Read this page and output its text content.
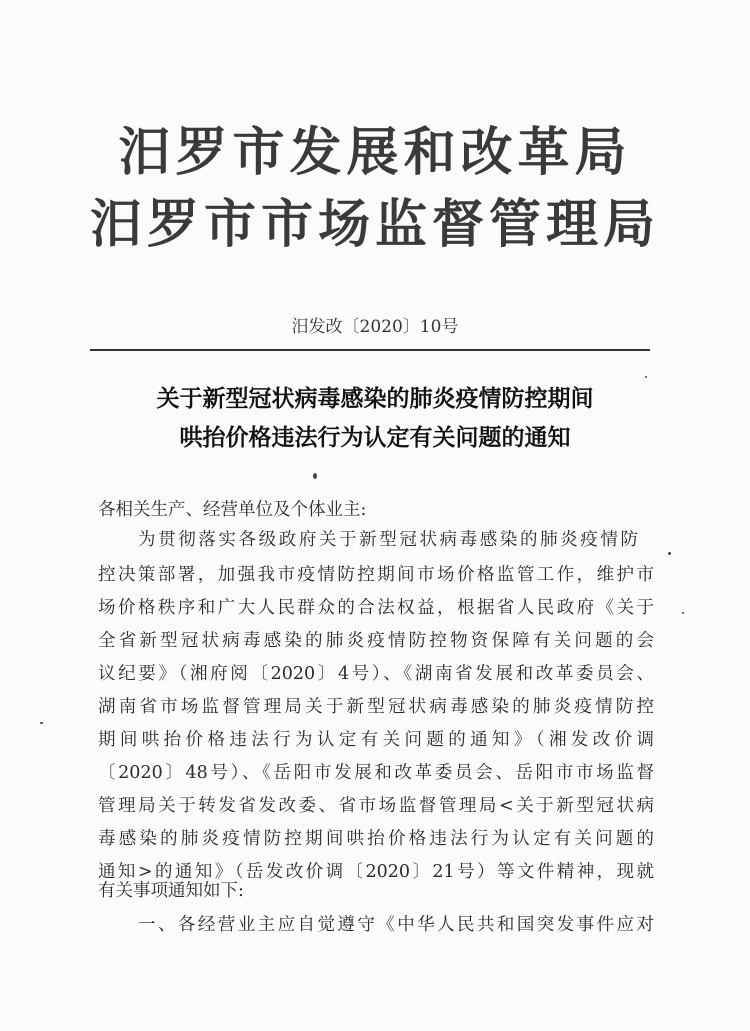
汨罗市发展和改革局
汨罗市市场监督管理局
汨发改〔2020〕10号
关于新型冠状病毒感染的肺炎疫情防控期间
哄抬价格违法行为认定有关问题的通知
各相关生产、经营单位及个体业主:
为贯彻落实各级政府关于新型冠状病毒感染的肺炎疫情防
控决策部署，加强我市疫情防控期间市场价格监管工作，维护市
场价格秩序和广大人民群众的合法权益，根据省人民政府《关于
全省新型冠状病毒感染的肺炎疫情防控物资保障有关问题的会
议纪要》（湘府阅〔2020〕4号）、《湖南省发展和改革委员会、
湖南省市场监督管理局关于新型冠状病毒感染的肺炎疫情防控
期间哄抬价格违法行为认定有关问题的通知》（湘发改价调
〔2020〕48号）、《岳阳市发展和改革委员会、岳阳市市场监督
管理局关于转发省发改委、省市场监督管理局<关于新型冠状病
毒感染的肺炎疫情防控期间哄抬价格违法行为认定有关问题的
通知>的通知》（岳发改价调〔2020〕21号）等文件精神，现就
有关事项通知如下:
一、各经营业主应自觉遵守《中华人民共和国突发事件应对
